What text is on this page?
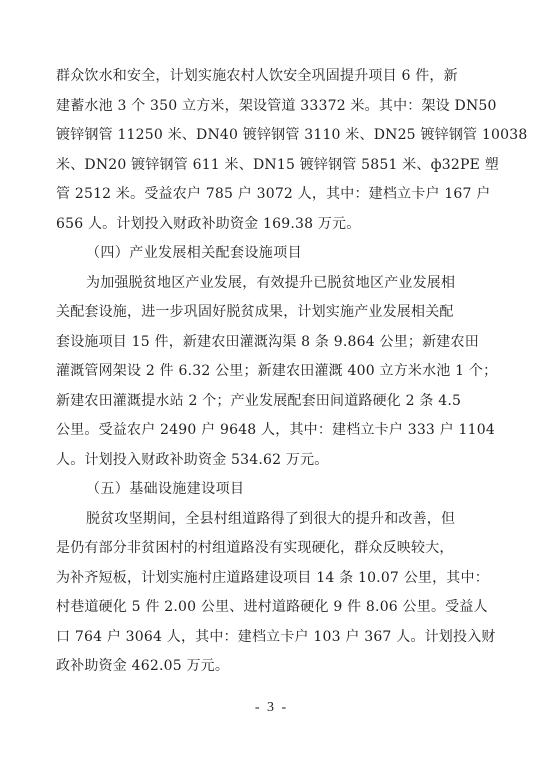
群众饮水和安全，计划实施农村人饮安全巩固提升项目 6 件，新
建蓄水池 3 个 350 立方米，架设管道 33372 米。其中：架设 DN50
镀锌钢管 11250 米、DN40 镀锌钢管 3110 米、DN25 镀锌钢管 10038
米、DN20 镀锌钢管 611 米、DN15 镀锌钢管 5851 米、ф32PE 塑
管 2512 米。受益农户 785 户 3072 人，其中：建档立卡户 167 户
656 人。计划投入财政补助资金 169.38 万元。
（四）产业发展相关配套设施项目
为加强脱贫地区产业发展，有效提升已脱贫地区产业发展相
关配套设施，进一步巩固好脱贫成果，计划实施产业发展相关配
套设施项目 15 件，新建农田灌溉沟渠 8 条 9.864 公里；新建农田
灌溉管网架设 2 件 6.32 公里；新建农田灌溉 400 立方米水池 1 个；
新建农田灌溉提水站 2 个；产业发展配套田间道路硬化 2 条 4.5
公里。受益农户 2490 户 9648 人，其中：建档立卡户 333 户 1104
人。计划投入财政补助资金 534.62 万元。
（五）基础设施建设项目
脱贫攻坚期间，全县村组道路得了到很大的提升和改善，但
是仍有部分非贫困村的村组道路没有实现硬化，群众反映较大，
为补齐短板，计划实施村庄道路建设项目 14 条 10.07 公里，其中：
村巷道硬化 5 件 2.00 公里、进村道路硬化 9 件 8.06 公里。受益人
口 764 户 3064 人，其中：建档立卡户 103 户 367 人。计划投入财
政补助资金 462.05 万元。
- 3 -
